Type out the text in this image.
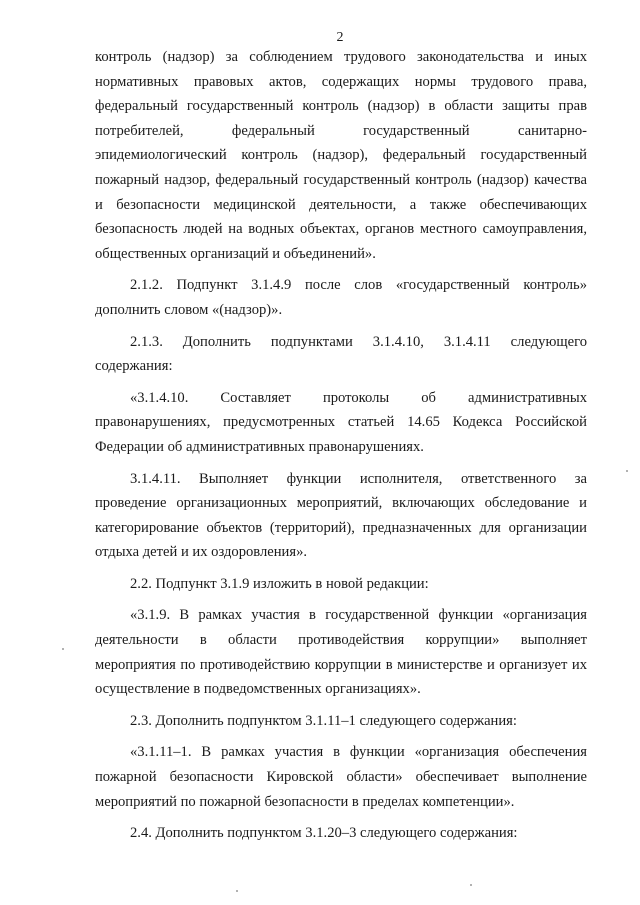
2

контроль (надзор) за соблюдением трудового законодательства и иных
нормативных правовых актов, содержащих нормы трудового права,
федеральный государственный контроль (надзор) в области защиты прав
потребителей, федеральный государственный санитарно-
эпидемиологический контроль (надзор), федеральный государственный
пожарный надзор, федеральный государственный контроль (надзор) качества
и безопасности медицинской деятельности, а также обеспечивающих
безопасность людей на водных объектах, органов местного самоуправления,
общественных организаций и объединений».

2.1.2. Подпункт 3.1.4.9 после слов «государственный контроль»
дополнить словом «(надзор)».

2.1.3. Дополнить подпунктами 3.1.4.10, 3.1.4.11 следующего
содержания:

«3.1.4.10. Составляет протоколы об административных
правонарушениях, предусмотренных статьей 14.65 Кодекса Российской
Федерации об административных правонарушениях.

3.1.4.11. Выполняет функции исполнителя, ответственного за
проведение организационных мероприятий, включающих обследование и
категорирование объектов (территорий), предназначенных для организации
отдыха детей и их оздоровления».

2.2. Подпункт 3.1.9 изложить в новой редакции:

«3.1.9. В рамках участия в государственной функции «организация
деятельности в области противодействия коррупции» выполняет
мероприятия по противодействию коррупции в министерстве и организует их
осуществление в подведомственных организациях».

2.3. Дополнить подпунктом 3.1.11–1 следующего содержания:

«3.1.11–1. В рамках участия в функции «организация обеспечения
пожарной безопасности Кировской области» обеспечивает выполнение
мероприятий по пожарной безопасности в пределах компетенции».

2.4. Дополнить подпунктом 3.1.20–3 следующего содержания:
